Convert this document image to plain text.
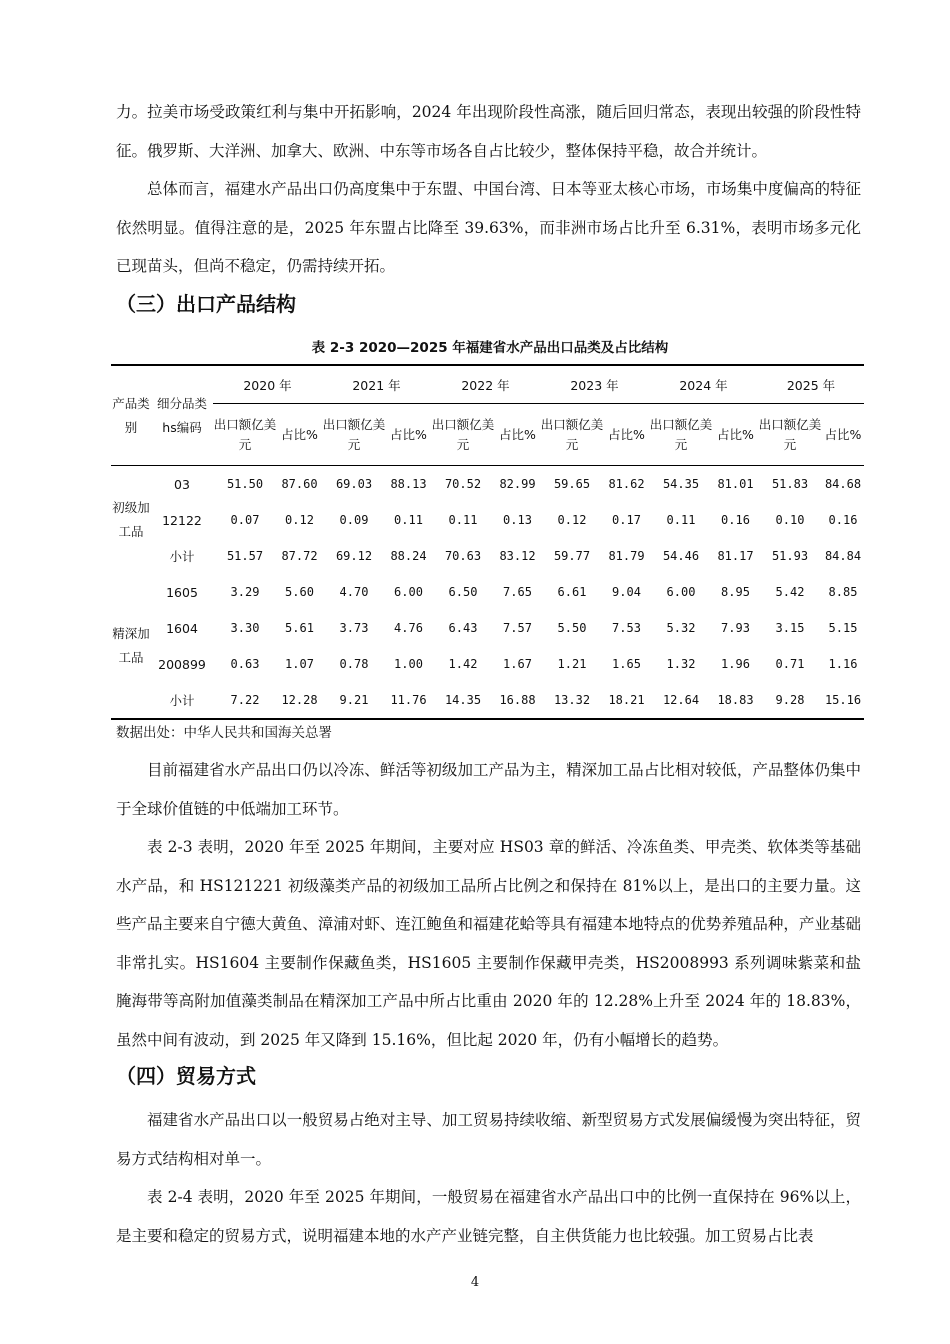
力。拉美市场受政策红利与集中开拓影响，2024 年出现阶段性高涨，随后回归常态，表现出较强的阶段性特征。俄罗斯、大洋洲、加拿大、欧洲、中东等市场各自占比较少，整体保持平稳，故合并统计。

总体而言，福建水产品出口仍高度集中于东盟、中国台湾、日本等亚太核心市场，市场集中度偏高的特征依然明显。值得注意的是，2025 年东盟占比降至 39.63%，而非洲市场占比升至 6.31%，表明市场多元化已现苗头，但尚不稳定，仍需持续开拓。

（三）出口产品结构
表 2-3 2020—2025 年福建省水产品出口品类及占比结构
产品类别	细分品类hs编码	2020 年		2021 年		2022 年		2023 年		2024 年		2025 年	
		出口额亿美元	占比%	出口额亿美元	占比%	出口额亿美元	占比%	出口额亿美元	占比%	出口额亿美元	占比%	出口额亿美元	占比%
初级加工品	03	51.50	87.60	69.03	88.13	70.52	82.99	59.65	81.62	54.35	81.01	51.83	84.68
	12122	0.07	0.12	0.09	0.11	0.11	0.13	0.12	0.17	0.11	0.16	0.10	0.16
	小计	51.57	87.72	69.12	88.24	70.63	83.12	59.77	81.79	54.46	81.17	51.93	84.84
精深加工品	1605	3.29	5.60	4.70	6.00	6.50	7.65	6.61	9.04	6.00	8.95	5.42	8.85
	1604	3.30	5.61	3.73	4.76	6.43	7.57	5.50	7.53	5.32	7.93	3.15	5.15
	200899	0.63	1.07	0.78	1.00	1.42	1.67	1.21	1.65	1.32	1.96	0.71	1.16
	小计	7.22	12.28	9.21	11.76	14.35	16.88	13.32	18.21	12.64	18.83	9.28	15.16
数据出处：中华人民共和国海关总署

目前福建省水产品出口仍以冷冻、鲜活等初级加工产品为主，精深加工品占比相对较低，产品整体仍集中于全球价值链的中低端加工环节。

表 2-3 表明，2020 年至 2025 年期间，主要对应 HS03 章的鲜活、冷冻鱼类、甲壳类、软体类等基础水产品，和 HS121221 初级藻类产品的初级加工品所占比例之和保持在 81%以上，是出口的主要力量。这些产品主要来自宁德大黄鱼、漳浦对虾、连江鲍鱼和福建花蛤等具有福建本地特点的优势养殖品种，产业基础非常扎实。HS1604 主要制作保藏鱼类，HS1605 主要制作保藏甲壳类，HS2008993 系列调味紫菜和盐腌海带等高附加值藻类制品在精深加工产品中所占比重由 2020 年的 12.28%上升至 2024 年的 18.83%，虽然中间有波动，到 2025 年又降到 15.16%，但比起 2020 年，仍有小幅增长的趋势。

（四）贸易方式

福建省水产品出口以一般贸易占绝对主导、加工贸易持续收缩、新型贸易方式发展偏缓慢为突出特征，贸易方式结构相对单一。

表 2-4 表明，2020 年至 2025 年期间，一般贸易在福建省水产品出口中的比例一直保持在 96%以上，是主要和稳定的贸易方式，说明福建本地的水产产业链完整，自主供货能力也比较强。加工贸易占比表

4
